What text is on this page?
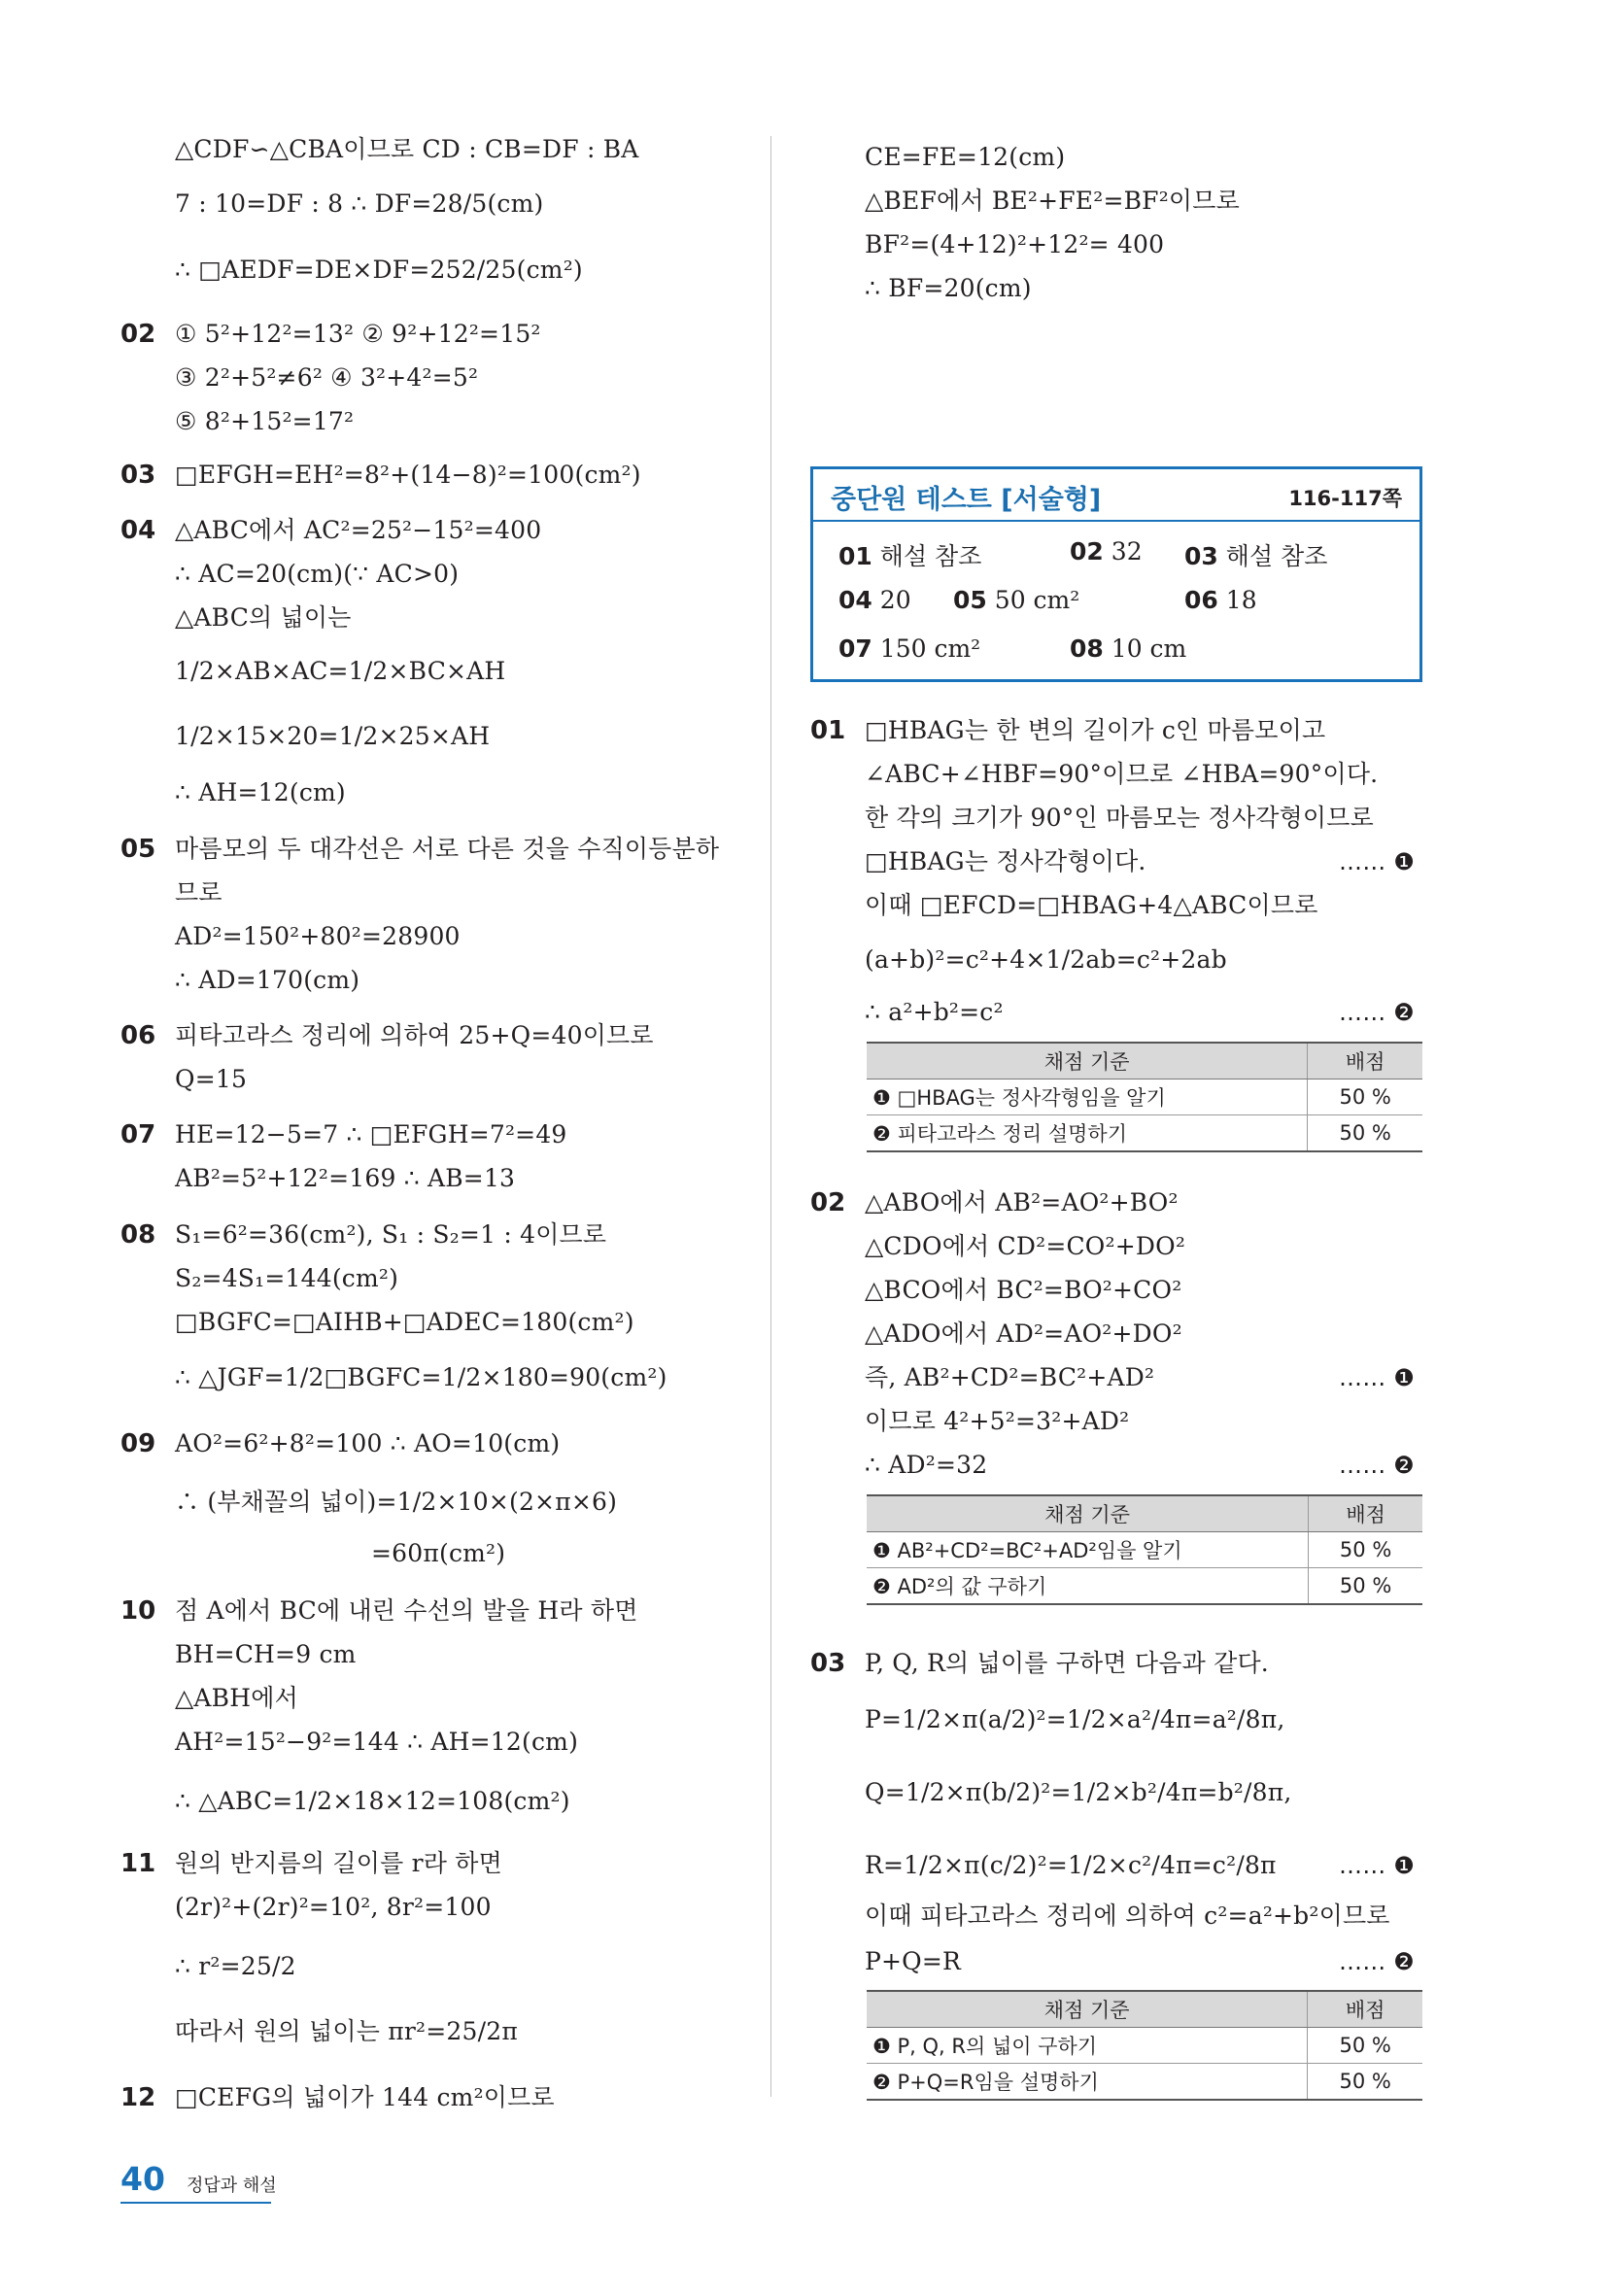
△CDF∽△CBA이므로 CD : CB=DF : BA
7 : 10=DF : 8 ∴ DF=28/5(cm)
∴ □AEDF=DE×DF=252/25(cm²)
02 ① 5²+12²=13² ② 9²+12²=15²
③ 2²+5²≠6² ④ 3²+4²=5²
⑤ 8²+15²=17²
03 □EFGH=EH²=8²+(14−8)²=100(cm²)
04 △ABC에서 AC²=25²−15²=400
∴ AC=20(cm)(∵ AC>0)
△ABC의 넓이는
1/2×AB×AC=1/2×BC×AH
1/2×15×20=1/2×25×AH
∴ AH=12(cm)
05 마름모의 두 대각선은 서로 다른 것을 수직이등분하
므로
AD²=150²+80²=28900
∴ AD=170(cm)
06 피타고라스 정리에 의하여 25+Q=40이므로
Q=15
07 HE=12−5=7 ∴ □EFGH=7²=49
AB²=5²+12²=169 ∴ AB=13
08 S₁=6²=36(cm²), S₁ : S₂=1 : 4이므로
S₂=4S₁=144(cm²)
□BGFC=□AIHB+□ADEC=180(cm²)
∴ △JGF=1/2□BGFC=1/2×180=90(cm²)
09 AO²=6²+8²=100 ∴ AO=10(cm)
∴ (부채꼴의 넓이)=1/2×10×(2×π×6)
=60π(cm²)
10 점 A에서 BC에 내린 수선의 발을 H라 하면
BH=CH=9 cm
△ABH에서
AH²=15²−9²=144 ∴ AH=12(cm)
∴ △ABC=1/2×18×12=108(cm²)
11 원의 반지름의 길이를 r라 하면
(2r)²+(2r)²=10², 8r²=100
∴ r²=25/2
따라서 원의 넓이는 πr²=25/2π
12 □CEFG의 넓이가 144 cm²이므로
CE=FE=12(cm)
△BEF에서 BE²+FE²=BF²이므로
BF²=(4+12)²+12²= 400
∴ BF=20(cm)
중단원 테스트 [서술형]	116-117쪽
01 해설 참조	02 32 03 해설 참조
04 20 05 50 cm²	06 18
07 150 cm²	08 10 cm
01 □HBAG는 한 변의 길이가 c인 마름모이고
∠ABC+∠HBF=90°이므로 ∠HBA=90°이다.
한 각의 크기가 90°인 마름모는 정사각형이므로
□HBAG는 정사각형이다.	…… ❶
이때 □EFCD=□HBAG+4△ABC이므로
(a+b)²=c²+4×1/2ab=c²+2ab
∴ a²+b²=c²	…… ❷
채점 기준	배점
❶ □HBAG는 정사각형임을 알기	50 %
❷ 피타고라스 정리 설명하기	50 %
02 △ABO에서 AB²=AO²+BO²
△CDO에서 CD²=CO²+DO²
△BCO에서 BC²=BO²+CO²
△ADO에서 AD²=AO²+DO²
즉, AB²+CD²=BC²+AD²	…… ❶
이므로 4²+5²=3²+AD²
∴ AD²=32	…… ❷
채점 기준	배점
❶ AB²+CD²=BC²+AD²임을 알기	50 %
❷ AD²의 값 구하기	50 %
03 P, Q, R의 넓이를 구하면 다음과 같다.
P=1/2×π(a/2)²=1/2×a²/4π=a²/8π,
Q=1/2×π(b/2)²=1/2×b²/4π=b²/8π,
R=1/2×π(c/2)²=1/2×c²/4π=c²/8π	…… ❶
이때 피타고라스 정리에 의하여 c²=a²+b²이므로
P+Q=R	…… ❷
채점 기준	배점
❶ P, Q, R의 넓이 구하기	50 %
❷ P+Q=R임을 설명하기	50 %
40 정답과 해설
